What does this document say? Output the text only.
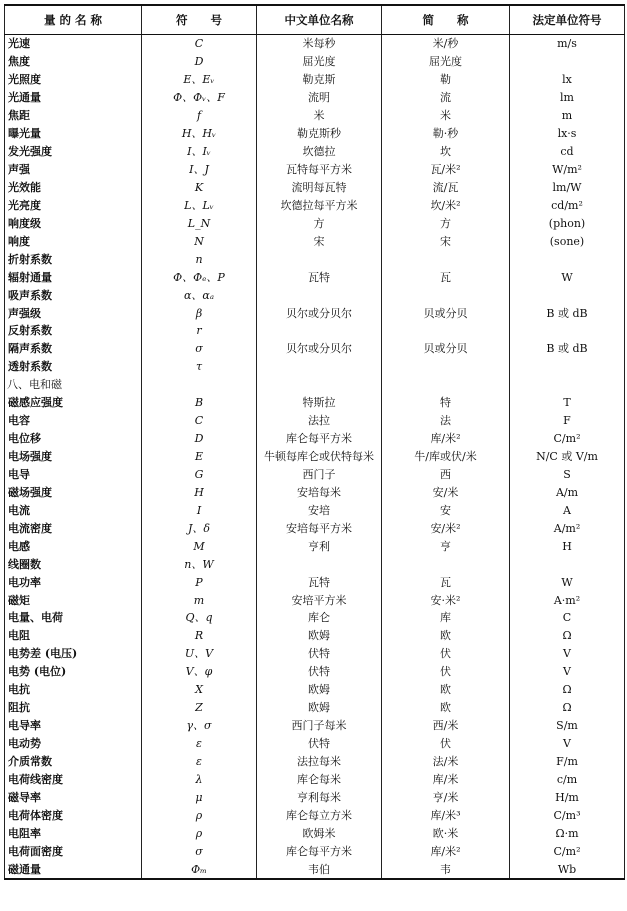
量 的 名 称	符　　号	中文单位名称	简　　称	法定单位符号
光速	C	米每秒	米/秒	m/s
焦度	D	屈光度	屈光度	
光照度	E、Eᵥ	勒克斯	勒	lx
光通量	Φ、Φᵥ、F	流明	流	lm
焦距	f	米	米	m
曝光量	H、Hᵥ	勒克斯秒	勒·秒	lx·s
发光强度	I、Iᵥ	坎德拉	坎	cd
声强	I、J	瓦特每平方米	瓦/米²	W/m²
光效能	K	流明每瓦特	流/瓦	lm/W
光亮度	L、Lᵥ	坎德拉每平方米	坎/米²	cd/m²
响度级	L_N	方	方	(phon)
响度	N	宋	宋	(sone)
折射系数	n			
辐射通量	Φ、Φₑ、P	瓦特	瓦	W
吸声系数	α、αₐ			
声强级	β	贝尔或分贝尔	贝或分贝	B 或 dB
反射系数	r			
隔声系数	σ	贝尔或分贝尔	贝或分贝	B 或 dB
透射系数	τ			
八、电和磁				
磁感应强度	B	特斯拉	特	T
电容	C	法拉	法	F
电位移	D	库仑每平方米	库/米²	C/m²
电场强度	E	牛顿每库仑或伏特每米	牛/库或伏/米	N/C 或 V/m
电导	G	西门子	西	S
磁场强度	H	安培每米	安/米	A/m
电流	I	安培	安	A
电流密度	J、δ	安培每平方米	安/米²	A/m²
电感	M	亨利	亨	H
线圈数	n、W			
电功率	P	瓦特	瓦	W
磁矩	m	安培平方米	安·米²	A·m²
电量、电荷	Q、q	库仑	库	C
电阻	R	欧姆	欧	Ω
电势差 (电压)	U、V	伏特	伏	V
电势 (电位)	V、φ	伏特	伏	V
电抗	X	欧姆	欧	Ω
阻抗	Z	欧姆	欧	Ω
电导率	γ、σ	西门子每米	西/米	S/m
电动势	ε	伏特	伏	V
介质常数	ε	法拉每米	法/米	F/m
电荷线密度	λ	库仑每米	库/米	c/m
磁导率	μ	亨利每米	亨/米	H/m
电荷体密度	ρ	库仑每立方米	库/米³	C/m³
电阻率	ρ	欧姆米	欧·米	Ω·m
电荷面密度	σ	库仑每平方米	库/米²	C/m²
磁通量	Φₘ	韦伯	韦	Wb
